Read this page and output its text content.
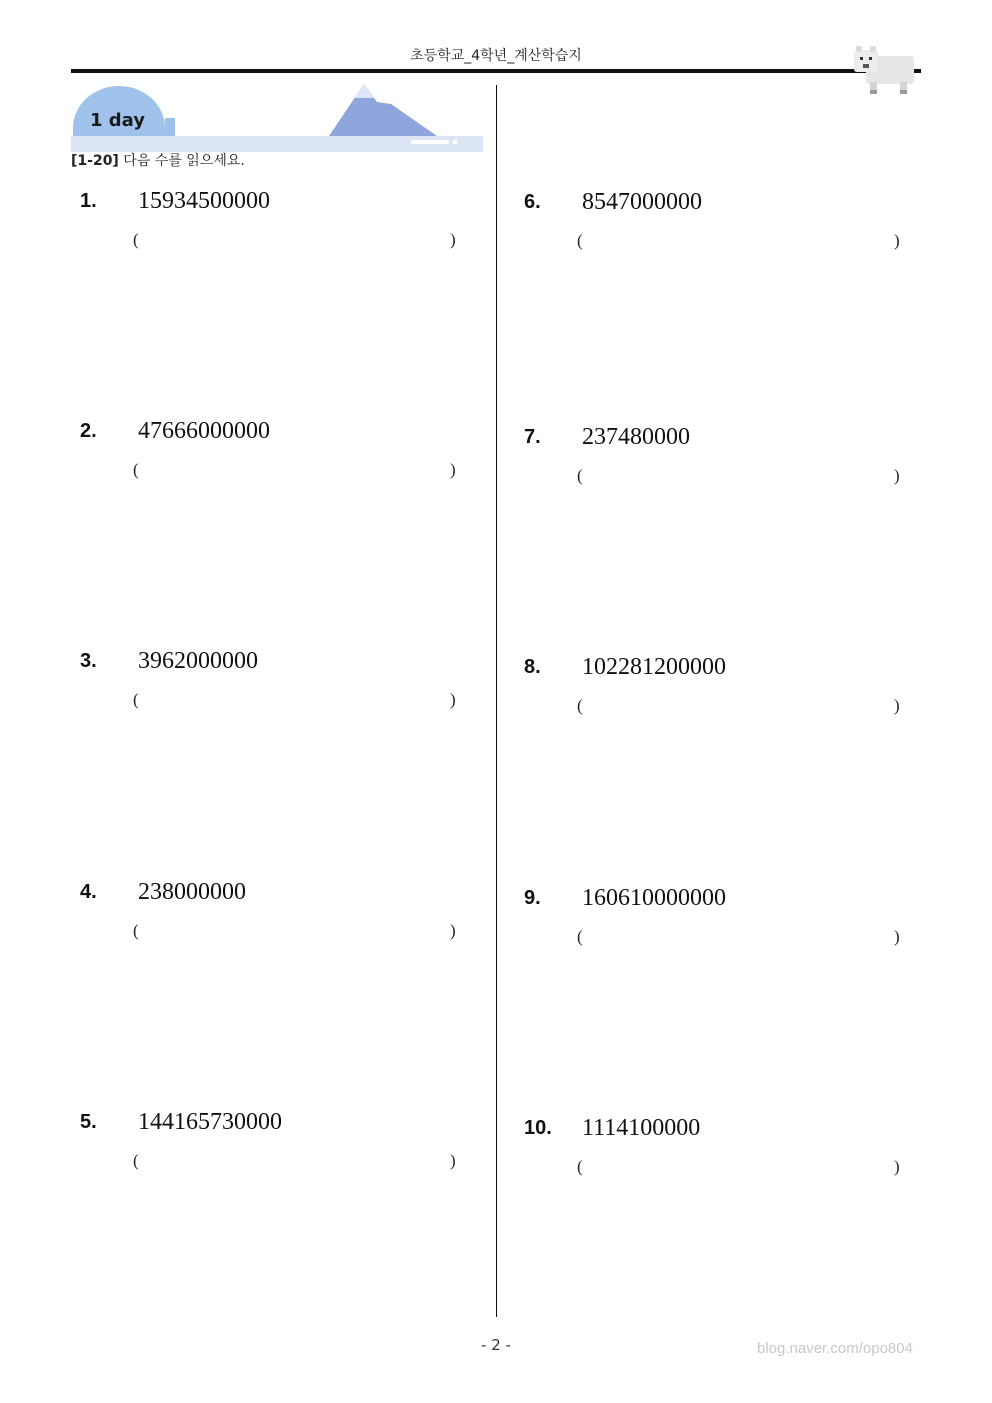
초등학교_4학년_계산학습지
1 day
[1-20] 다음 수를 읽으세요.
1. 15934500000
(	)
2. 47666000000
(	)
3. 3962000000
(	)
4. 238000000
(	)
5. 144165730000
(	)
6. 8547000000
(	)
7. 237480000
(	)
8. 102281200000
(	)
9. 160610000000
(	)
10. 1114100000
(	)
- 2 -	blog.naver.com/opo804
